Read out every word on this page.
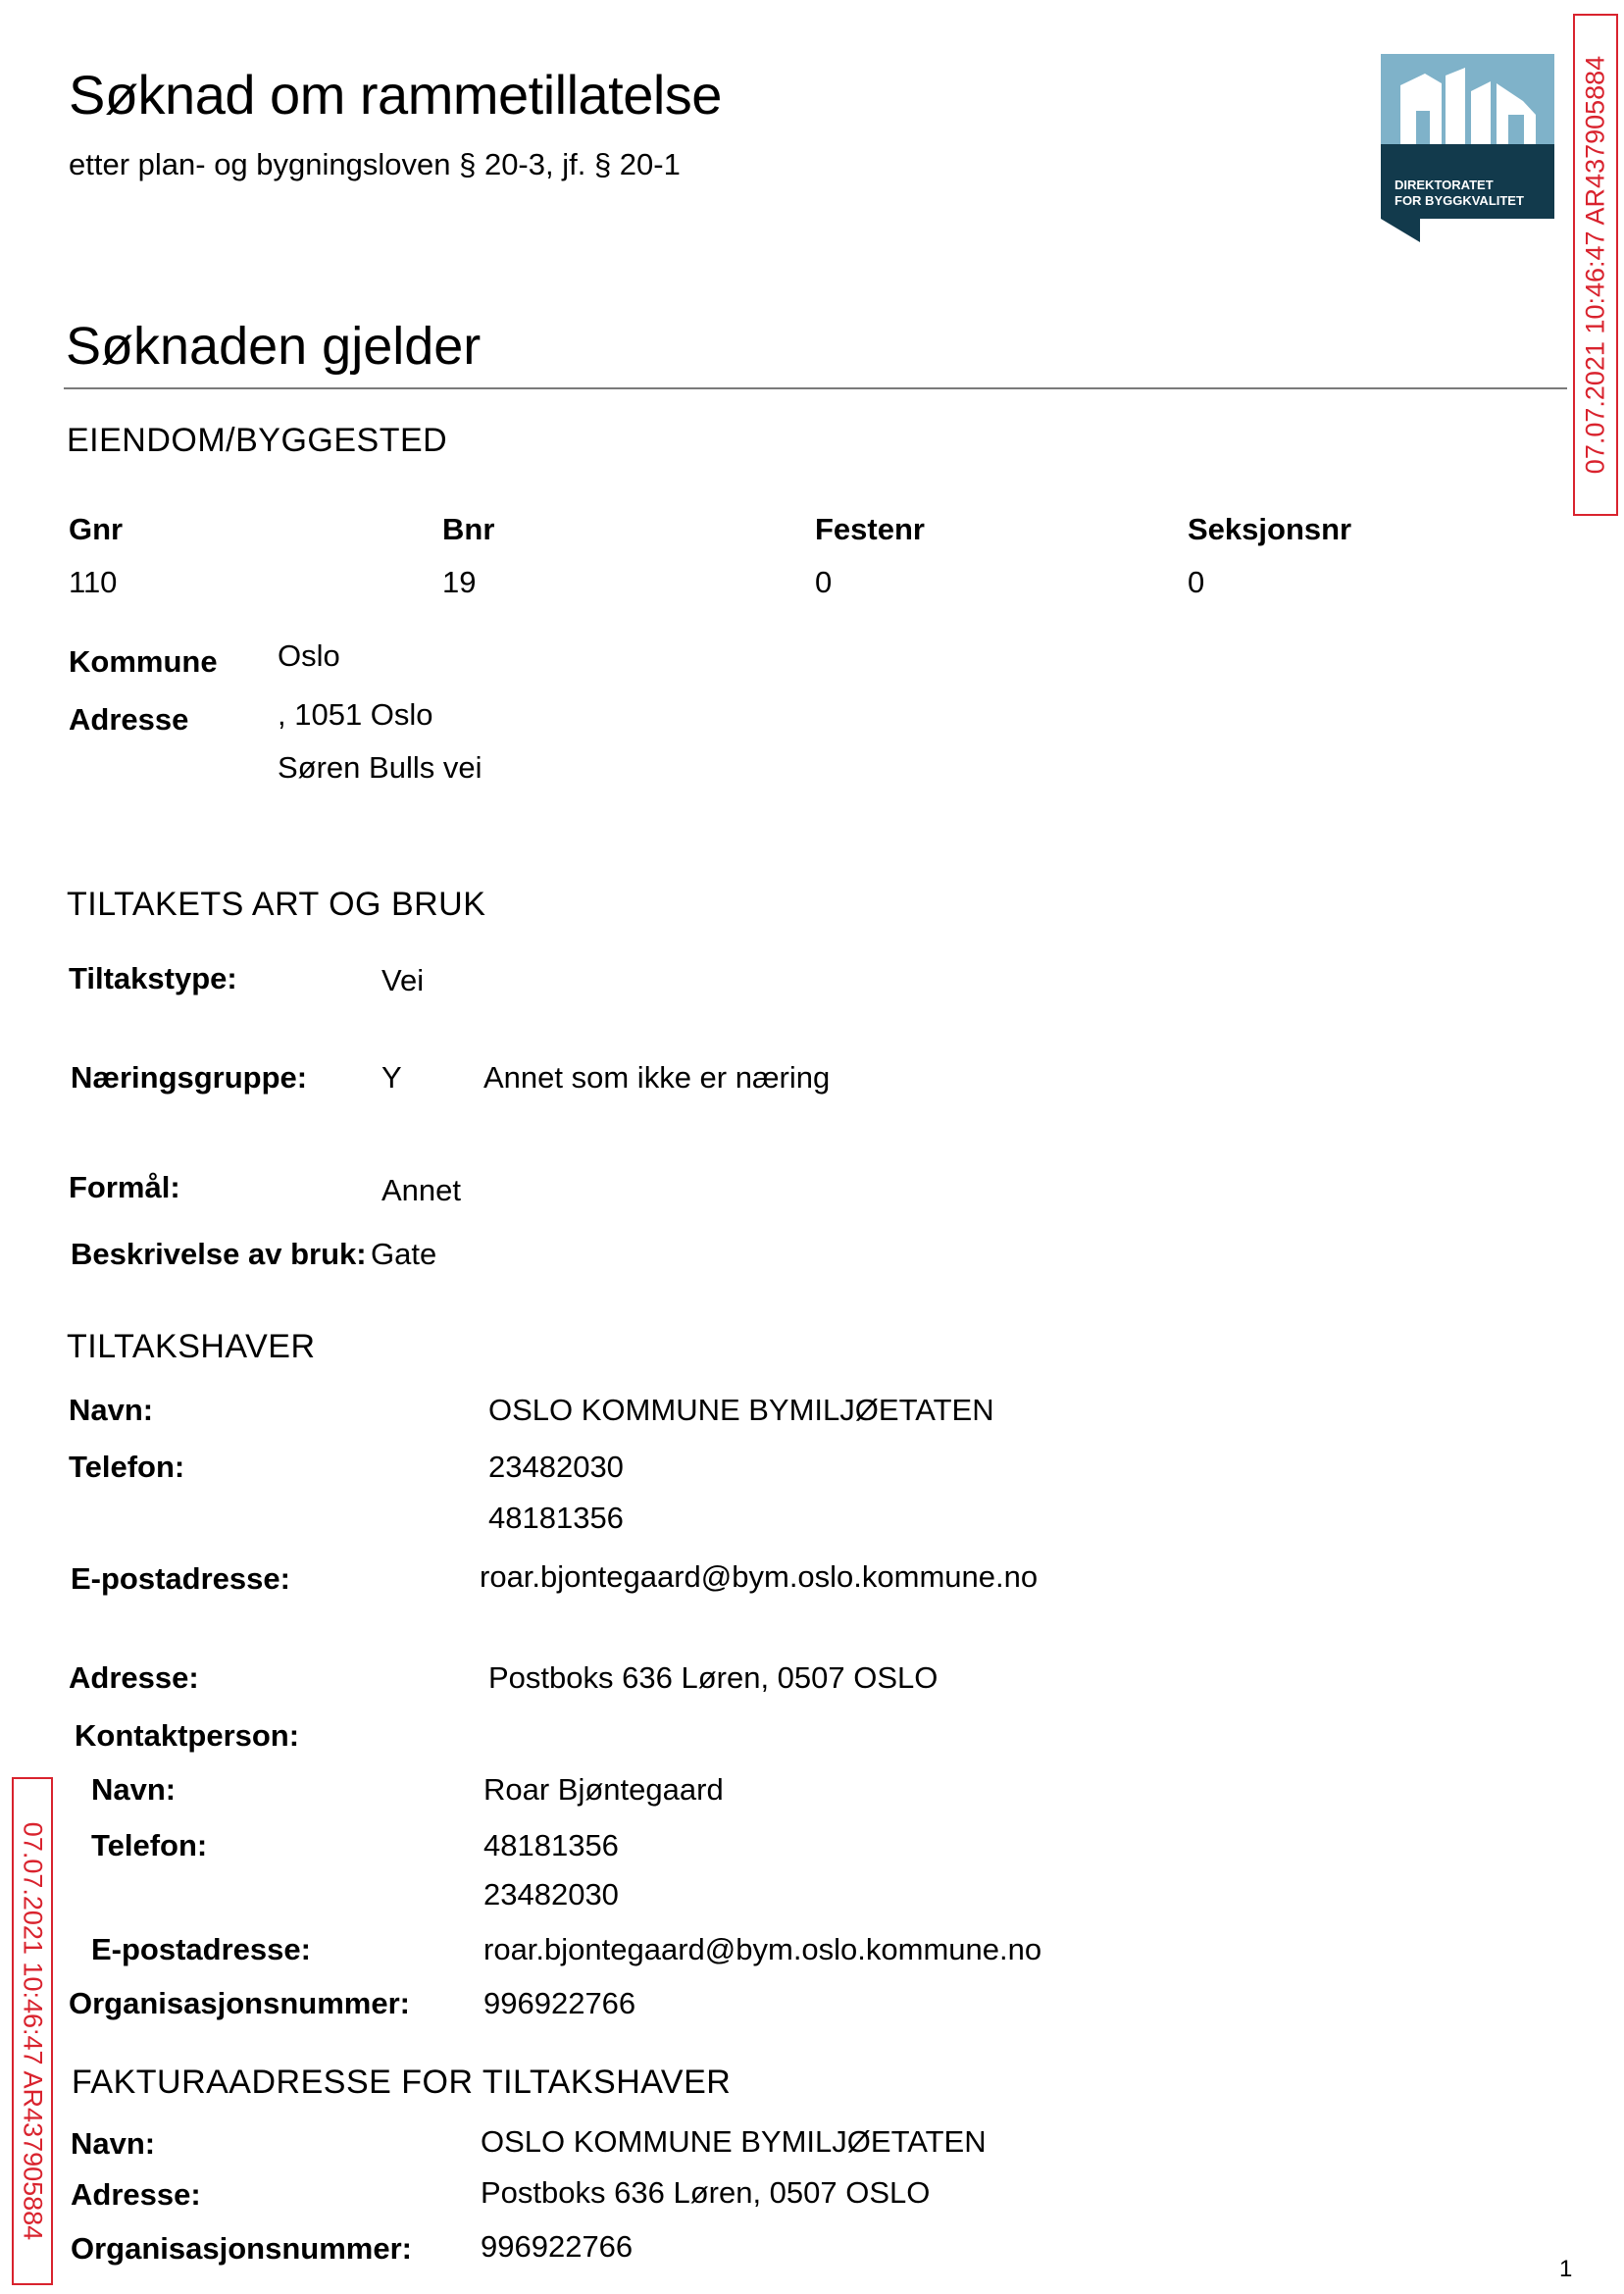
Søknad om rammetillatelse
etter plan- og bygningsloven § 20-3, jf. § 20-1
DIREKTORATET
FOR BYGGKVALITET 07.07.2021 10:46:47 AR437905884
07.07.2021 10:46:47 AR437905884
Søknaden gjelder
EIENDOM/BYGGESTED
Gnr	Bnr	Festenr	Seksjonsnr
110	19	0	0
Kommune Oslo
Adresse	, 1051 Oslo
Søren Bulls vei
TILTAKETS ART OG BRUK
Tiltakstype:	Vei
Næringsgruppe: Y	Annet som ikke er næring
Formål:	Annet
Beskrivelse av bruk: Gate
TILTAKSHAVER
Navn:	OSLO KOMMUNE BYMILJØETATEN
Telefon:	23482030
48181356
E-postadresse:	roar.bjontegaard@bym.oslo.kommune.no
Adresse:	Postboks 636 Løren, 0507 OSLO
Kontaktperson:
Navn:	Roar Bjøntegaard
Telefon:	48181356
23482030
E-postadresse:	roar.bjontegaard@bym.oslo.kommune.no
Organisasjonsnummer: 996922766
FAKTURAADRESSE FOR TILTAKSHAVER
Navn:	OSLO KOMMUNE BYMILJØETATEN
Adresse:	Postboks 636 Løren, 0507 OSLO
Organisasjonsnummer: 996922766
1
